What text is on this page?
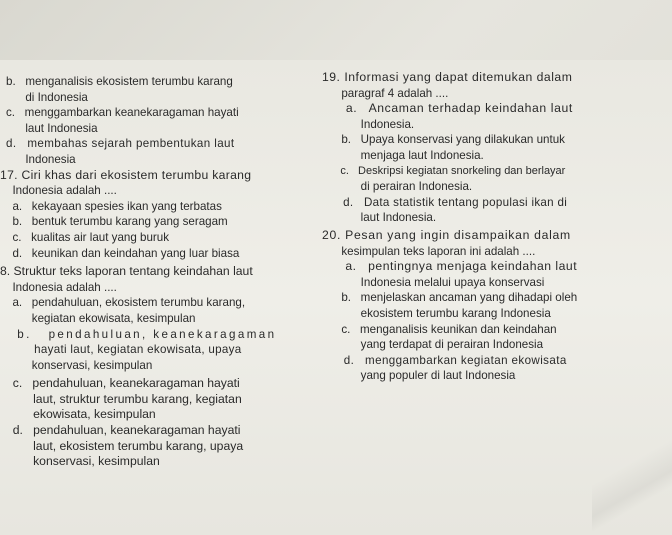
b.   menganalisis ekosistem terumbu karang
di Indonesia
c.   menggambarkan keanekaragaman hayati
laut Indonesia
d.   membahas sejarah pembentukan laut
Indonesia
17. Ciri khas dari ekosistem terumbu karang
Indonesia adalah ....
a.   kekayaan spesies ikan yang terbatas
b.   bentuk terumbu karang yang seragam
c.   kualitas air laut yang buruk
d.   keunikan dan keindahan yang luar biasa
8. Struktur teks laporan tentang keindahan laut
Indonesia adalah ....
a.   pendahuluan, ekosistem terumbu karang,
kegiatan ekowisata, kesimpulan
b.   pendahuluan, keanekaragaman
hayati laut, kegiatan ekowisata, upaya
konservasi, kesimpulan
c.   pendahuluan, keanekaragaman hayati
laut, struktur terumbu karang, kegiatan
ekowisata, kesimpulan
d.   pendahuluan, keanekaragaman hayati
laut, ekosistem terumbu karang, upaya
konservasi, kesimpulan
19. Informasi yang dapat ditemukan dalam
paragraf 4 adalah ....
a.   Ancaman terhadap keindahan laut
Indonesia.
b.   Upaya konservasi yang dilakukan untuk
menjaga laut Indonesia.
c.   Deskripsi kegiatan snorkeling dan berlayar
di perairan Indonesia.
d.   Data statistik tentang populasi ikan di
laut Indonesia.
20. Pesan yang ingin disampaikan dalam
kesimpulan teks laporan ini adalah ....
a.   pentingnya menjaga keindahan laut
Indonesia melalui upaya konservasi
b.   menjelaskan ancaman yang dihadapi oleh
ekosistem terumbu karang Indonesia
c.   menganalisis keunikan dan keindahan
yang terdapat di perairan Indonesia
d.   menggambarkan kegiatan ekowisata
yang populer di laut Indonesia
